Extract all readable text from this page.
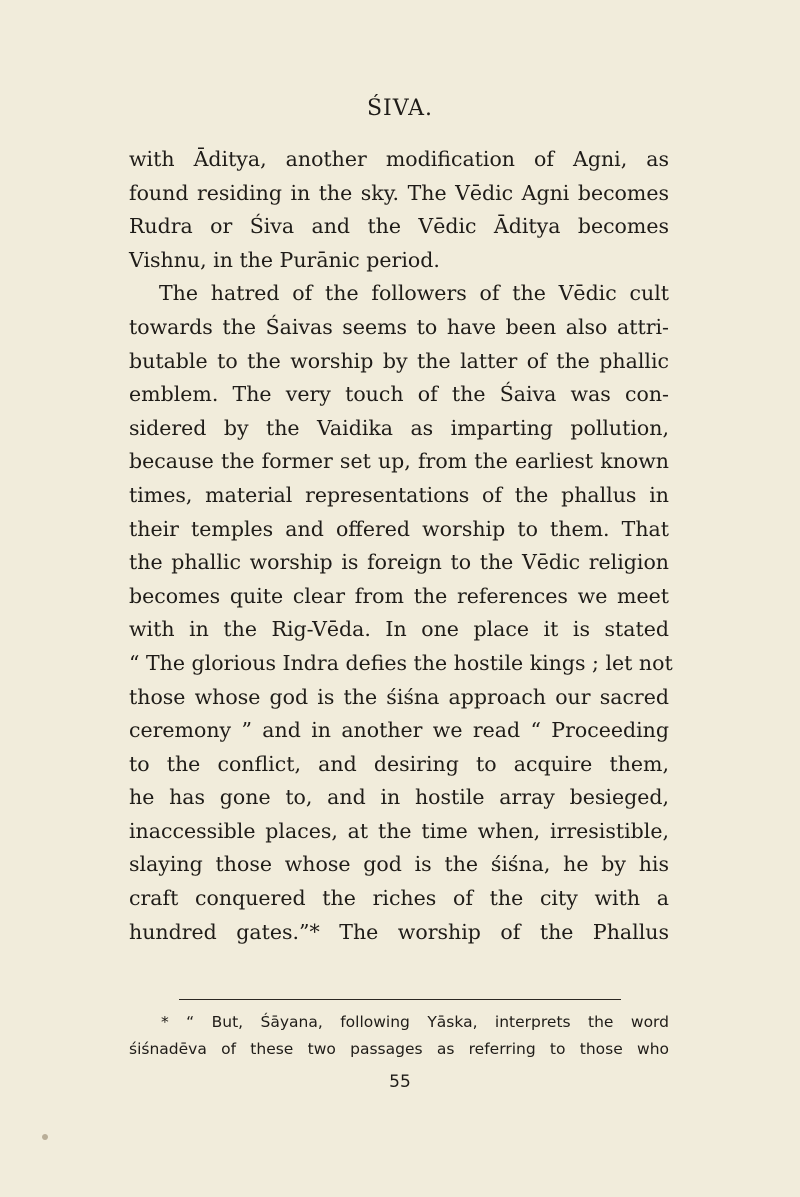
ŚIVA.
with Āditya, another modification of Agni, as
found residing in the sky. The Vēdic Agni becomes
Rudra or Śiva and the Vēdic Āditya becomes
Vishnu, in the Purānic period.
The hatred of the followers of the Vēdic cult
towards the Śaivas seems to have been also attri-
butable to the worship by the latter of the phallic
emblem. The very touch of the Śaiva was con-
sidered by the Vaidika as imparting pollution,
because the former set up, from the earliest known
times, material representations of the phallus in
their temples and offered worship to them. That
the phallic worship is foreign to the Vēdic religion
becomes quite clear from the references we meet
with in the Rig-Vēda. In one place it is stated
“ The glorious Indra defies the hostile kings ; let not
those whose god is the śiśna approach our sacred
ceremony ” and in another we read “ Proceeding
to the conflict, and desiring to acquire them,
he has gone to, and in hostile array besieged,
inaccessible places, at the time when, irresistible,
slaying those whose god is the śiśna, he by his
craft conquered the riches of the city with a
hundred gates.”* The worship of the Phallus
* “ But, Śāyana, following Yāska, interprets the word
śiśnadēva of these two passages as referring to those who
55
